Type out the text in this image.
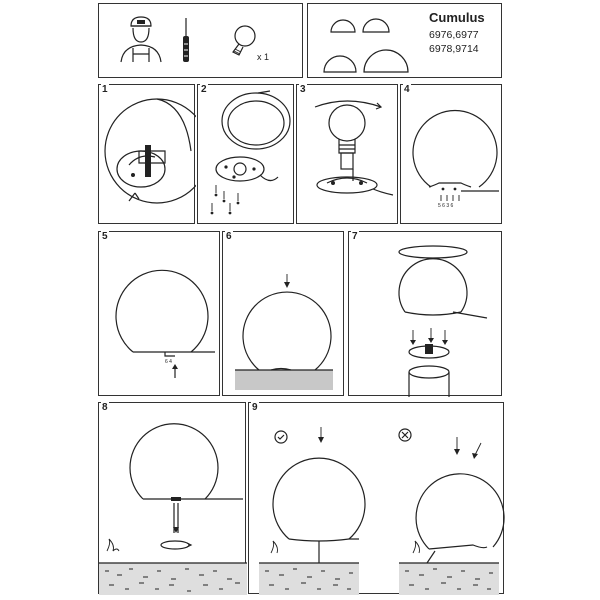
x 1
Cumulus
6976,6977
6978,9714
1	2	3	4
5 6 3 6
5
6 4
6	7
8	9
